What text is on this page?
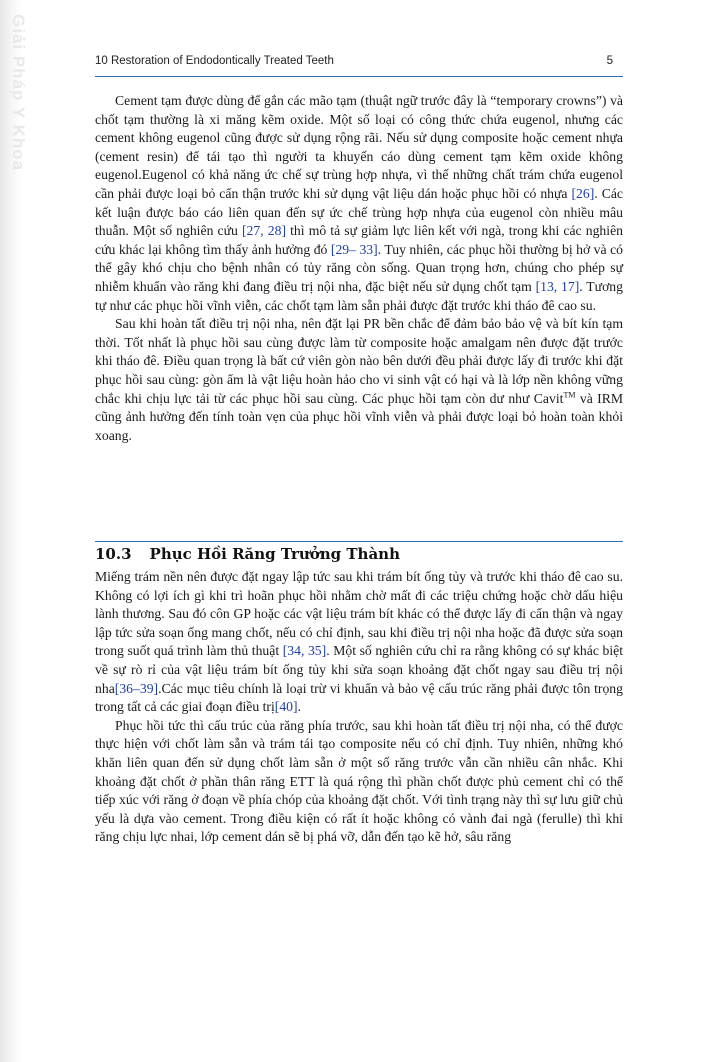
Giải Pháp Y Khoa	10 Restoration of Endodontically Treated Teeth	5

Cement tạm được dùng để gắn các mão tạm (thuật ngữ trước đây là “temporary crowns”) và chốt tạm thường là xi măng kẽm oxide. Một số loại có công thức chứa eugenol, nhưng các cement không eugenol cũng được sử dụng rộng rãi. Nếu sử dụng composite hoặc cement nhựa (cement resin) để tái tạo thì người ta khuyến cáo dùng cement tạm kẽm oxide không eugenol.Eugenol có khả năng ức chế sự trùng hợp nhựa, vì thế những chất trám chứa eugenol cần phải được loại bỏ cẩn thận trước khi sử dụng vật liệu dán hoặc phục hồi có nhựa [26]. Các kết luận được báo cáo liên quan đến sự ức chế trùng hợp nhựa của eugenol còn nhiều mâu thuẫn. Một số nghiên cứu [27, 28] thì mô tả sự giảm lực liên kết với ngà, trong khi các nghiên cứu khác lại không tìm thấy ảnh hưởng đó [29– 33]. Tuy nhiên, các phục hồi thường bị hở và có thể gây khó chịu cho bệnh nhân có tủy răng còn sống. Quan trọng hơn, chúng cho phép sự nhiễm khuẩn vào răng khi đang điều trị nội nha, đặc biệt nếu sử dụng chốt tạm [13, 17]. Tương tự như các phục hồi vĩnh viễn, các chốt tạm làm sẵn phải được đặt trước khi tháo đê cao su.

Sau khi hoàn tất điều trị nội nha, nên đặt lại PR bền chắc để đảm bảo bảo vệ và bít kín tạm thời. Tốt nhất là phục hồi sau cùng được làm từ composite hoặc amalgam nên được đặt trước khi tháo đê. Điều quan trọng là bất cứ viên gòn nào bên dưới đều phải được lấy đi trước khi đặt phục hồi sau cùng: gòn ẩm là vật liệu hoàn hảo cho vi sinh vật có hại và là lớp nền không vững chắc khi chịu lực tải từ các phục hồi sau cùng. Các phục hồi tạm còn dư như Cavit™ và IRM cũng ảnh hưởng đến tính toàn vẹn của phục hồi vĩnh viễn và phải được loại bỏ hoàn toàn khỏi xoang.

10.3 Phục Hồi Răng Trưởng Thành

Miếng trám nền nên được đặt ngay lập tức sau khi trám bít ống tủy và trước khi tháo đê cao su. Không có lợi ích gì khi trì hoãn phục hồi nhằm chờ mất đi các triệu chứng hoặc chờ dấu hiệu lành thương. Sau đó côn GP hoặc các vật liệu trám bít khác có thể được lấy đi cẩn thận và ngay lập tức sửa soạn ống mang chốt, nếu có chỉ định, sau khi điều trị nội nha hoặc đã được sửa soạn trong suốt quá trình làm thủ thuật [34, 35]. Một số nghiên cứu chỉ ra rằng không có sự khác biệt về sự rò rỉ của vật liệu trám bít ống tủy khi sửa soạn khoảng đặt chốt ngay sau điều trị nội nha[36–39].Các mục tiêu chính là loại trừ vi khuẩn và bảo vệ cấu trúc răng phải được tôn trọng trong tất cả các giai đoạn điều trị[40].

Phục hồi tức thì cấu trúc của răng phía trước, sau khi hoàn tất điều trị nội nha, có thể được thực hiện với chốt làm sẵn và trám tái tạo composite nếu có chỉ định. Tuy nhiên, những khó khăn liên quan đến sử dụng chốt làm sẵn ở một số răng trước vẫn cần nhiều cân nhắc. Khi khoảng đặt chốt ở phần thân răng ETT là quá rộng thì phần chốt được phủ cement chỉ có thể tiếp xúc với răng ở đoạn về phía chóp của khoảng đặt chốt. Với tình trạng này thì sự lưu giữ chủ yếu là dựa vào cement. Trong điều kiện có rất ít hoặc không có vành đai ngà (ferulle) thì khi răng chịu lực nhai, lớp cement dán sẽ bị phá vỡ, dẫn đến tạo kẽ hở, sâu răng
